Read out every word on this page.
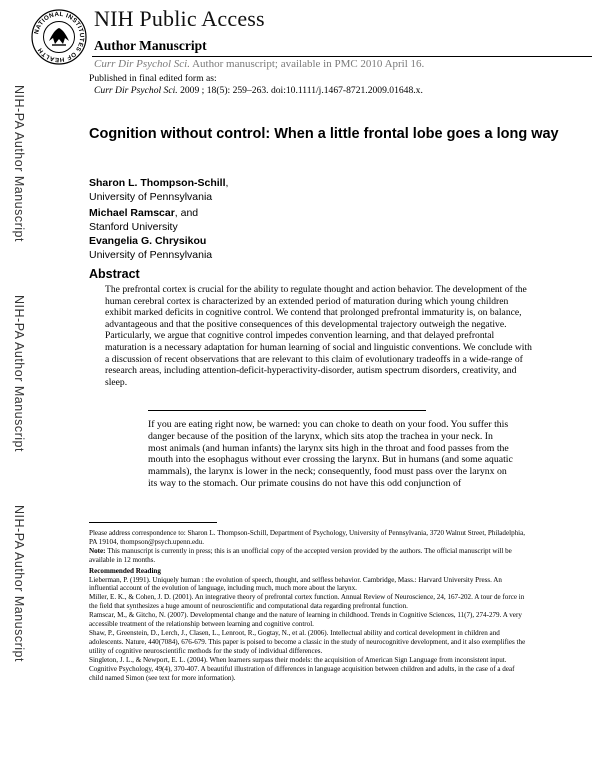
NATIONAL INSTITUTES OF HEALTH
NIH Public Access
Author Manuscript
Curr Dir Psychol Sci. Author manuscript; available in PMC 2010 April 16.
NIH-PA Author Manuscript
NIH-PA Author Manuscript
NIH-PA Author Manuscript
Published in final edited form as:
Curr Dir Psychol Sci. 2009 ; 18(5): 259–263. doi:10.1111/j.1467-8721.2009.01648.x.
Cognition without control: When a little frontal lobe goes a long way
Sharon L. Thompson-Schill,
University of Pennsylvania
Michael Ramscar, and
Stanford University
Evangelia G. Chrysikou
University of Pennsylvania
Abstract
The prefrontal cortex is crucial for the ability to regulate thought and action behavior. The development of the human cerebral cortex is characterized by an extended period of maturation during which young children exhibit marked deficits in cognitive control. We contend that prolonged prefrontal immaturity is, on balance, advantageous and that the positive consequences of this developmental trajectory outweigh the negative. Particularly, we argue that cognitive control impedes convention learning, and that delayed prefrontal maturation is a necessary adaptation for human learning of social and linguistic conventions. We conclude with a discussion of recent observations that are relevant to this claim of evolutionary tradeoffs in a wide-range of research areas, including attention-deficit-hyperactivity-disorder, autism spectrum disorders, creativity, and sleep.
If you are eating right now, be warned: you can choke to death on your food. You suffer this danger because of the position of the larynx, which sits atop the trachea in your neck. In most animals (and human infants) the larynx sits high in the throat and food passes from the mouth into the esophagus without ever crossing the larynx. But in humans (and some aquatic mammals), the larynx is lower in the neck; consequently, food must pass over the larynx on its way to the stomach. Our primate cousins do not have this odd conjunction of

Please address correspondence to: Sharon L. Thompson-Schill, Department of Psychology, University of Pennsylvania, 3720 Walnut Street, Philadelphia, PA 19104, thompson@psych.upenn.edu.

Note: This manuscript is currently in press; this is an unofficial copy of the accepted version provided by the authors. The official manuscript will be available in 12 months.

Recommended Reading

Lieberman, P. (1991). Uniquely human : the evolution of speech, thought, and selfless behavior. Cambridge, Mass.: Harvard University Press. An influential account of the evolution of language, including much, much more about the larynx.

Miller, E. K., & Cohen, J. D. (2001). An integrative theory of prefrontal cortex function. Annual Review of Neuroscience, 24, 167-202. A tour de force in the field that synthesizes a huge amount of neuroscientific and computational data regarding prefrontal function.

Ramscar, M., & Gitcho, N. (2007). Developmental change and the nature of learning in childhood. Trends in Cognitive Sciences, 11(7), 274-279. A very accessible treatment of the relationship between learning and cognitive control.

Shaw, P., Greenstein, D., Lerch, J., Clasen, L., Lenroot, R., Gogtay, N., et al. (2006). Intellectual ability and cortical development in children and adolescents. Nature, 440(7084), 676-679. This paper is poised to become a classic in the study of neurocognitive development, and it also exemplifies the utility of cognitive neuroscientific methods for the study of individual differences.

Singleton, J. L., & Newport, E. L. (2004). When learners surpass their models: the acquisition of American Sign Language from inconsistent input. Cognitive Psychology, 49(4), 370-407. A beautiful illustration of differences in language acquisition between children and adults, in the case of a deaf child named Simon (see text for more information).
